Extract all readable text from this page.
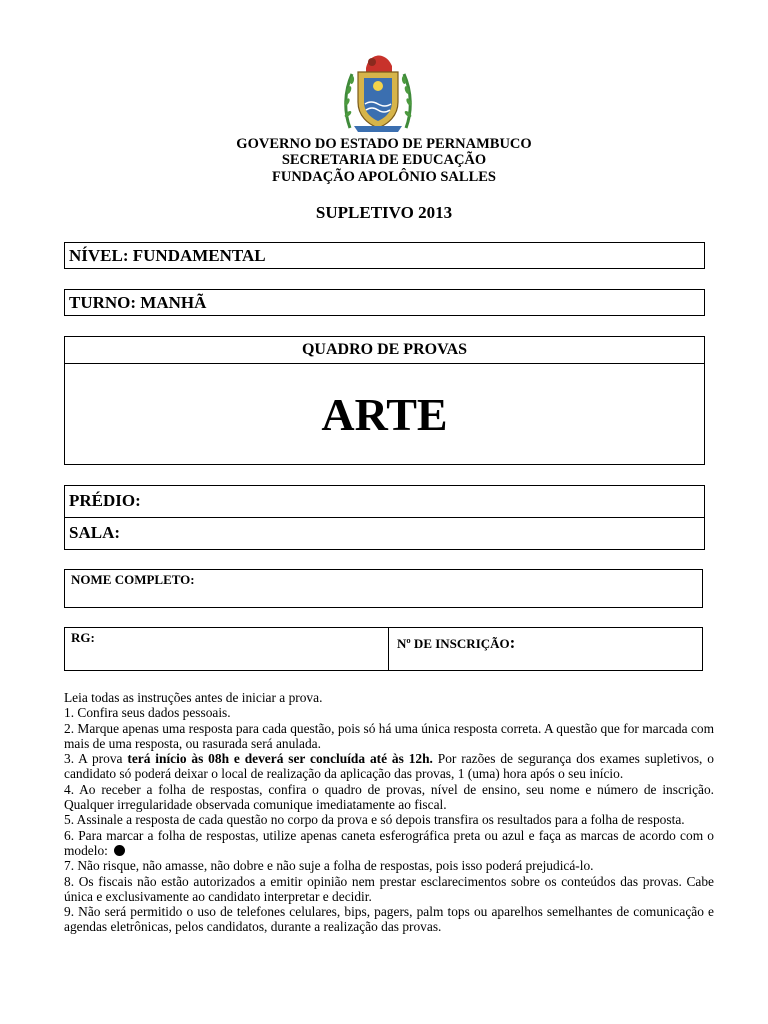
GOVERNO DO ESTADO DE PERNAMBUCO
SECRETARIA DE EDUCAÇÃO
FUNDAÇÃO APOLÔNIO SALLES
SUPLETIVO 2013
NÍVEL: FUNDAMENTAL
TURNO: MANHÃ
QUADRO DE PROVAS
ARTE
PRÉDIO:
SALA:
NOME COMPLETO:
RG:	Nº DE INSCRIÇÃO:

Leia todas as instruções antes de iniciar a prova.

1. Confira seus dados pessoais.

2. Marque apenas uma resposta para cada questão, pois só há uma única resposta correta. A questão que for marcada com mais de uma resposta, ou rasurada será anulada.

3. A prova terá início às 08h e deverá ser concluída até às 12h. Por razões de segurança dos exames supletivos, o candidato só poderá deixar o local de realização da aplicação das provas, 1 (uma) hora após o seu início.

4. Ao receber a folha de respostas, confira o quadro de provas, nível de ensino, seu nome e número de inscrição. Qualquer irregularidade observada comunique imediatamente ao fiscal.

5. Assinale a resposta de cada questão no corpo da prova e só depois transfira os resultados para a folha de resposta.

6. Para marcar a folha de respostas, utilize apenas caneta esferográfica preta ou azul e faça as marcas de acordo com o modelo:

7. Não risque, não amasse, não dobre e não suje a folha de respostas, pois isso poderá prejudicá-lo.

8. Os fiscais não estão autorizados a emitir opinião nem prestar esclarecimentos sobre os conteúdos das provas. Cabe única e exclusivamente ao candidato interpretar e decidir.

9. Não será permitido o uso de telefones celulares, bips, pagers, palm tops ou aparelhos semelhantes de comunicação e agendas eletrônicas, pelos candidatos, durante a realização das provas.
